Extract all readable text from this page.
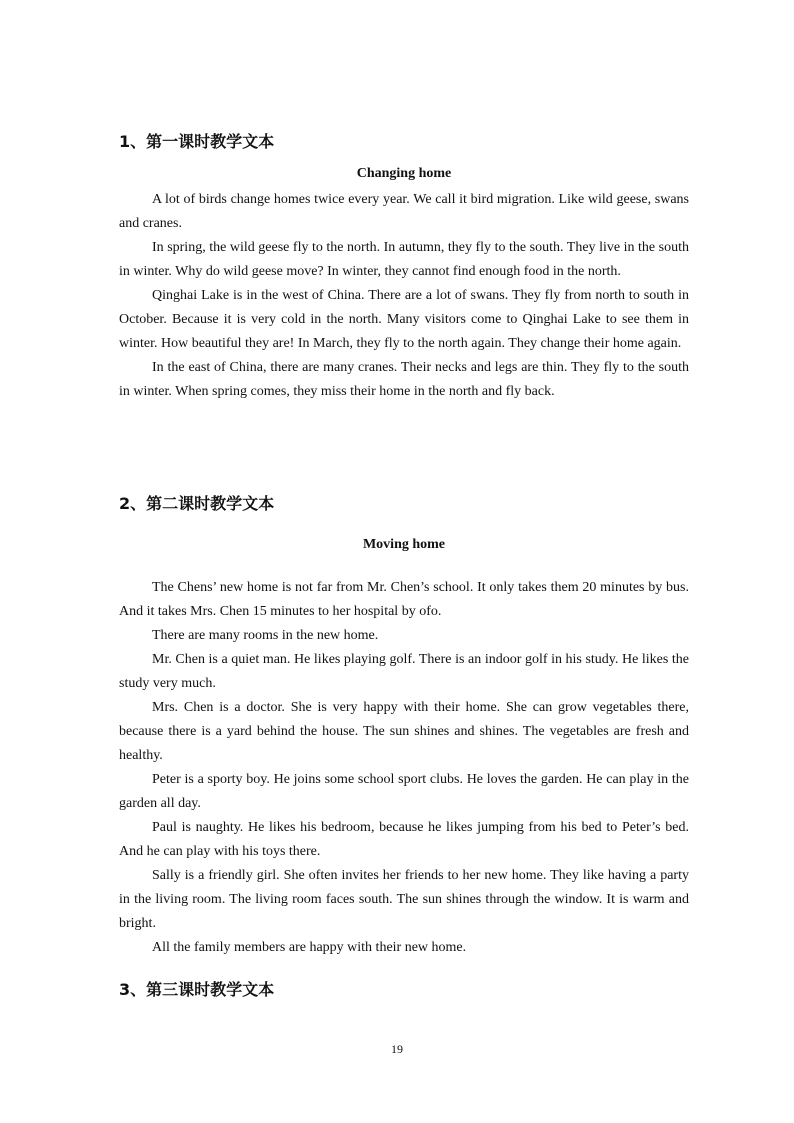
1、第一课时教学文本
Changing home

A lot of birds change homes twice every year. We call it bird migration. Like wild geese, swans and cranes.

In spring, the wild geese fly to the north. In autumn, they fly to the south. They live in the south in winter. Why do wild geese move? In winter, they cannot find enough food in the north.

Qinghai Lake is in the west of China. There are a lot of swans. They fly from north to south in October. Because it is very cold in the north. Many visitors come to Qinghai Lake to see them in winter. How beautiful they are! In March, they fly to the north again. They change their home again.

In the east of China, there are many cranes. Their necks and legs are thin. They fly to the south in winter. When spring comes, they miss their home in the north and fly back.

2、第二课时教学文本
Moving home

The Chens’ new home is not far from Mr. Chen’s school. It only takes them 20 minutes by bus. And it takes Mrs. Chen 15 minutes to her hospital by ofo.

There are many rooms in the new home.

Mr. Chen is a quiet man. He likes playing golf. There is an indoor golf in his study. He likes the study very much.

Mrs. Chen is a doctor. She is very happy with their home. She can grow vegetables there, because there is a yard behind the house. The sun shines and shines. The vegetables are fresh and healthy.

Peter is a sporty boy. He joins some school sport clubs. He loves the garden. He can play in the garden all day.

Paul is naughty. He likes his bedroom, because he likes jumping from his bed to Peter’s bed. And he can play with his toys there.

Sally is a friendly girl. She often invites her friends to her new home. They like having a party in the living room. The living room faces south. The sun shines through the window. It is warm and bright.

All the family members are happy with their new home.

3、第三课时教学文本
19
